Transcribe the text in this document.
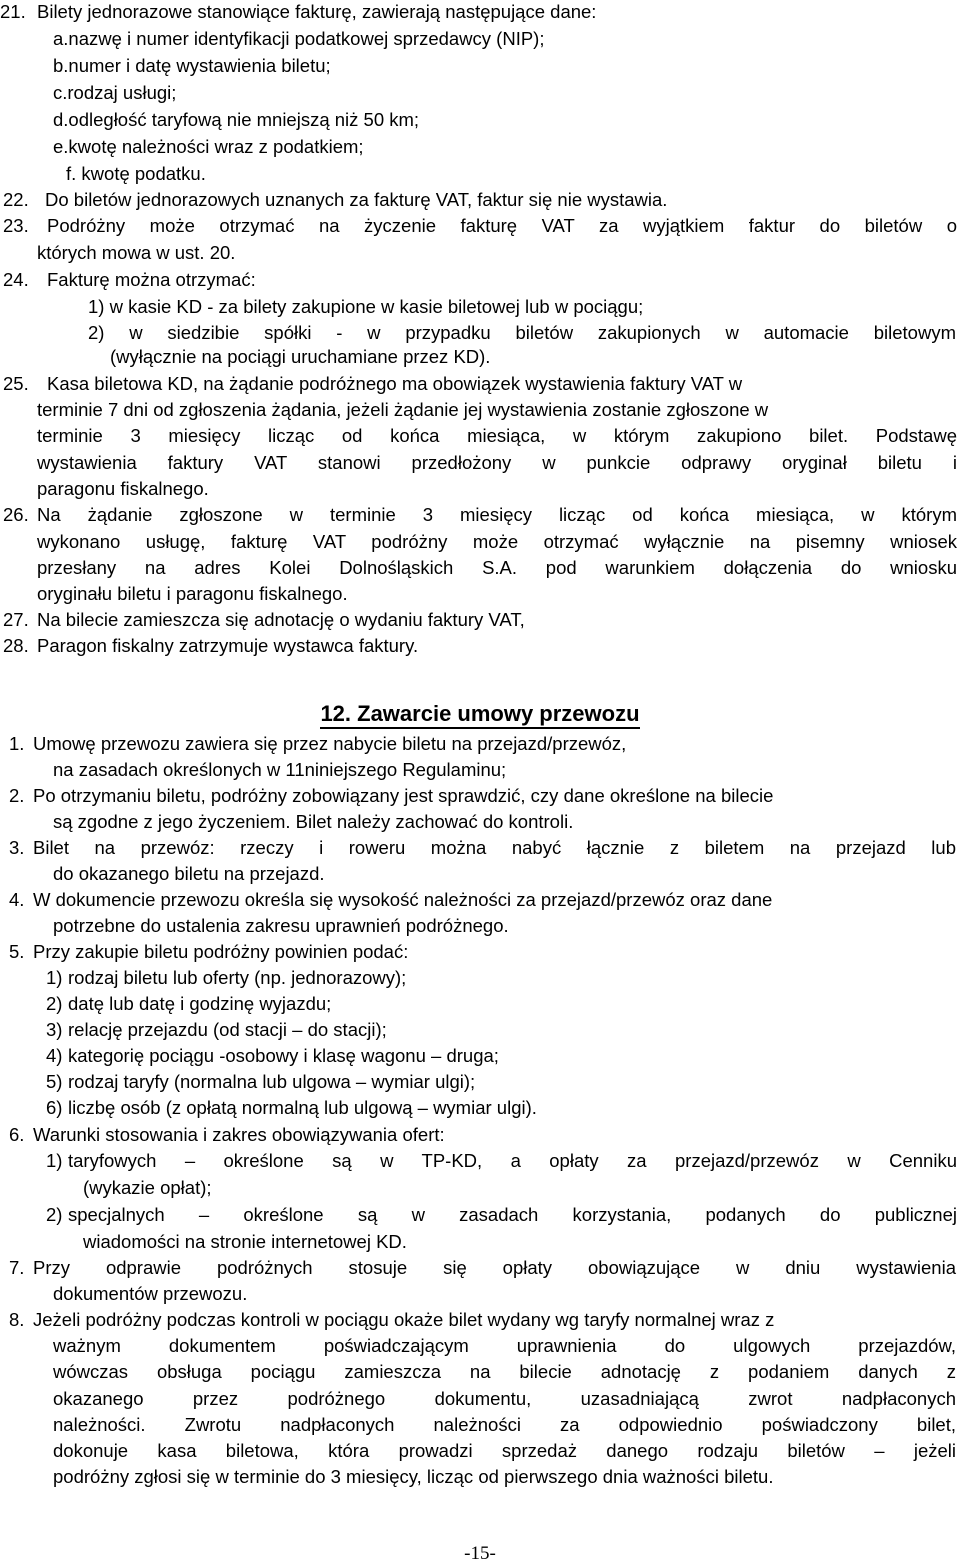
21. Bilety jednorazowe stanowiące fakturę, zawierają następujące dane:
a.nazwę i numer identyfikacji podatkowej sprzedawcy (NIP);
b.numer i datę wystawienia biletu;
c.rodzaj usługi;
d.odległość taryfową nie mniejszą niż 50 km;
e.kwotę należności wraz z podatkiem;
f. kwotę podatku.
22. Do biletów jednorazowych uznanych za fakturę VAT, faktur się nie wystawia.
23. Podróżny może otrzymać na życzenie fakturę VAT za wyjątkiem faktur do biletów o
których mowa w ust. 20.
24. Fakturę można otrzymać:
1) w kasie KD - za bilety zakupione w kasie biletowej lub w pociągu;
2) w siedzibie spółki - w przypadku biletów zakupionych w automacie biletowym
(wyłącznie na pociągi uruchamiane przez KD).
25. Kasa biletowa KD, na żądanie podróżnego ma obowiązek wystawienia faktury VAT w
terminie 7 dni od zgłoszenia żądania, jeżeli żądanie jej wystawienia zostanie zgłoszone w
terminie 3 miesięcy licząc od końca miesiąca, w którym zakupiono bilet. Podstawę
wystawienia faktury VAT stanowi przedłożony w punkcie odprawy oryginał biletu i
paragonu fiskalnego.
26. Na żądanie zgłoszone w terminie 3 miesięcy licząc od końca miesiąca, w którym
wykonano usługę, fakturę VAT podróżny może otrzymać wyłącznie na pisemny wniosek
przesłany na adres Kolei Dolnośląskich S.A. pod warunkiem dołączenia do wniosku
oryginału biletu i paragonu fiskalnego.
27. Na bilecie zamieszcza się adnotację o wydaniu faktury VAT,
28. Paragon fiskalny zatrzymuje wystawca faktury.
12. Zawarcie umowy przewozu
1. Umowę przewozu zawiera się przez nabycie biletu na przejazd/przewóz,
na zasadach określonych w 11niniejszego Regulaminu;
2. Po otrzymaniu biletu, podróżny zobowiązany jest sprawdzić, czy dane określone na bilecie
są zgodne z jego życzeniem. Bilet należy zachować do kontroli.
3. Bilet na przewóz: rzeczy i roweru można nabyć łącznie z biletem na przejazd lub
do okazanego biletu na przejazd.
4. W dokumencie przewozu określa się wysokość należności za przejazd/przewóz oraz dane
potrzebne do ustalenia zakresu uprawnień podróżnego.
5. Przy zakupie biletu podróżny powinien podać:
1) rodzaj biletu lub oferty (np. jednorazowy);
2) datę lub datę i godzinę wyjazdu;
3) relację przejazdu (od stacji – do stacji);
4) kategorię pociągu -osobowy i klasę wagonu – druga;
5) rodzaj taryfy (normalna lub ulgowa – wymiar ulgi);
6) liczbę osób (z opłatą normalną lub ulgową – wymiar ulgi).
6. Warunki stosowania i zakres obowiązywania ofert:
1) taryfowych – określone są w TP-KD, a opłaty za przejazd/przewóz w Cenniku
(wykazie opłat);
2) specjalnych – określone są w zasadach korzystania, podanych do publicznej
wiadomości na stronie internetowej KD.
7. Przy odprawie podróżnych stosuje się opłaty obowiązujące w dniu wystawienia
dokumentów przewozu.
8. Jeżeli podróżny podczas kontroli w pociągu okaże bilet wydany wg taryfy normalnej wraz z
ważnym dokumentem poświadczającym uprawnienia do ulgowych przejazdów,
wówczas obsługa pociągu zamieszcza na bilecie adnotację z podaniem danych z
okazanego przez podróżnego dokumentu, uzasadniającą zwrot nadpłaconych
należności. Zwrotu nadpłaconych należności za odpowiednio poświadczony bilet,
dokonuje kasa biletowa, która prowadzi sprzedaż danego rodzaju biletów – jeżeli
podróżny zgłosi się w terminie do 3 miesięcy, licząc od pierwszego dnia ważności biletu.
-15-
